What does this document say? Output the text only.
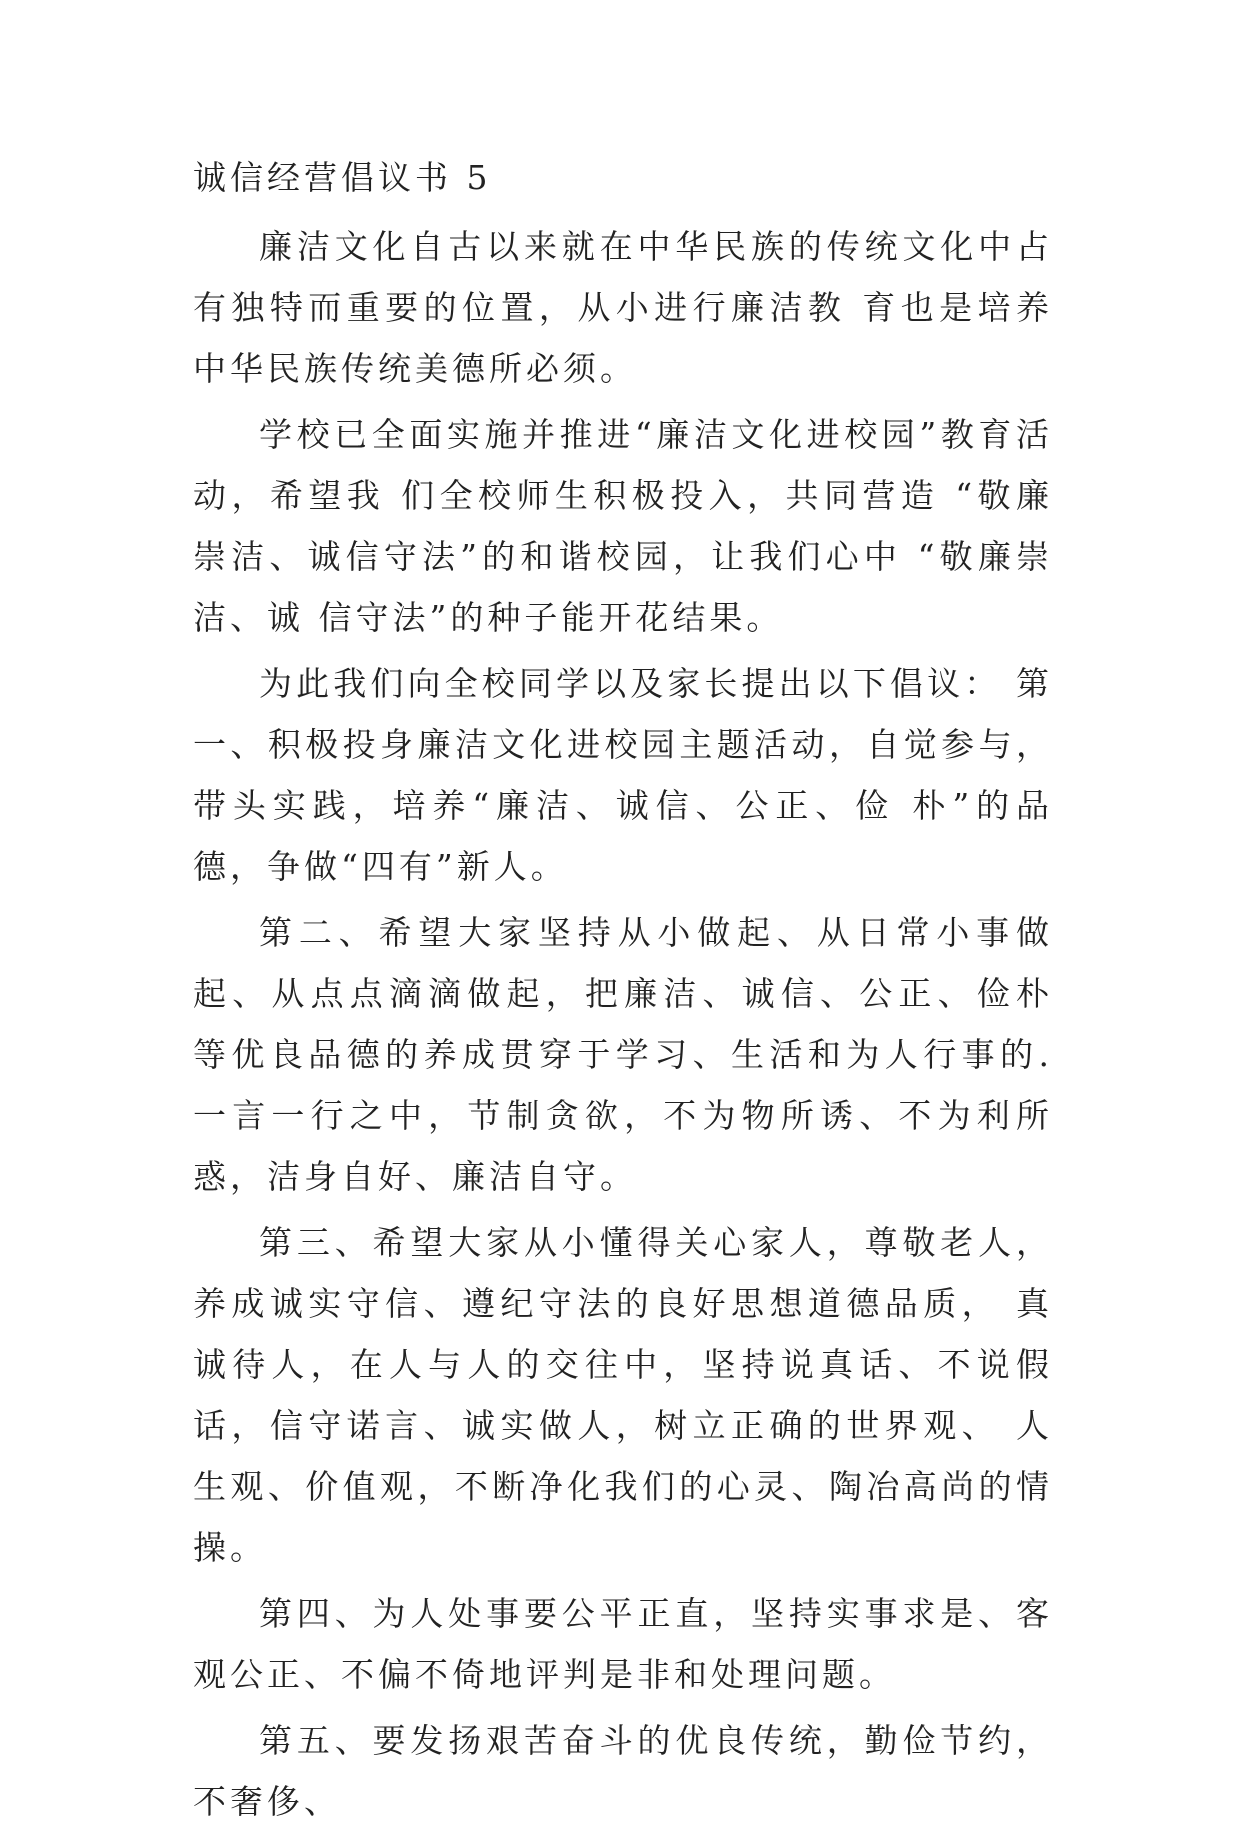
诚信经营倡议书 5

廉洁文化自古以来就在中华民族的传统文化中占有独特而重要的位置，从小进行廉洁教 育也是培养中华民族传统美德所必须。

学校已全面实施并推进“廉洁文化进校园”教育活动，希望我 们全校师生积极投入，共同营造 “敬廉崇洁、诚信守法”的和谐校园，让我们心中 “敬廉崇洁、诚 信守法”的种子能开花结果。

为此我们向全校同学以及家长提出以下倡议： 第一、积极投身廉洁文化进校园主题活动，自觉参与，带头实践，培养“廉洁、诚信、公正、俭 朴”的品德，争做“四有”新人。

第二、希望大家坚持从小做起、从日常小事做起、从点点滴滴做起，把廉洁、诚信、公正、俭朴 等优良品德的养成贯穿于学习、生活和为人行事的.一言一行之中，节制贪欲，不为物所诱、不为利所 惑，洁身自好、廉洁自守。

第三、希望大家从小懂得关心家人，尊敬老人，养成诚实守信、遵纪守法的良好思想道德品质， 真诚待人，在人与人的交往中，坚持说真话、不说假话，信守诺言、诚实做人，树立正确的世界观、 人生观、价值观，不断净化我们的心灵、陶冶高尚的情操。

第四、为人处事要公平正直，坚持实事求是、客观公正、不偏不倚地评判是非和处理问题。

第五、要发扬艰苦奋斗的优良传统，勤俭节约，不奢侈、
